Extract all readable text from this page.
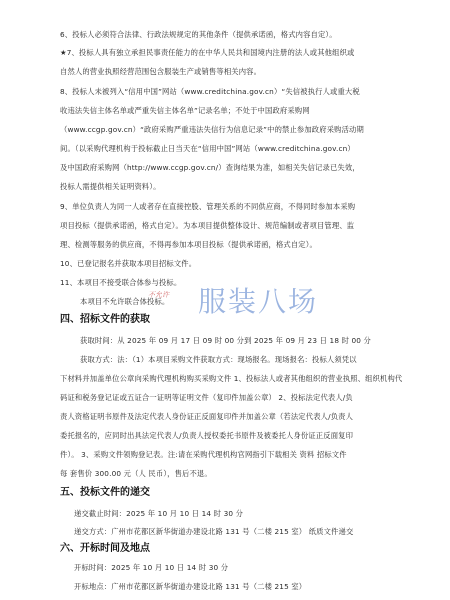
6、投标人必须符合法律、行政法规规定的其他条件（提供承诺函，格式内容自定）。
★7、投标人具有独立承担民事责任能力的在中华人民共和国境内注册的法人或其他组织或
自然人的营业执照经营范围包含服装生产或销售等相关内容。
8、投标人未被列入“信用中国”网站（www.creditchina.gov.cn）“失信被执行人或重大税
收违法失信主体名单或严重失信主体名单”记录名单；不处于中国政府采购网
（www.ccgp.gov.cn）“政府采购严重违法失信行为信息记录”中的禁止参加政府采购活动期
间。（以采购代理机构于投标截止日当天在“信用中国”网站（www.creditchina.gov.cn）
及中国政府采购网（http://www.ccgp.gov.cn/）查询结果为准，如相关失信记录已失效，
投标人需提供相关证明资料）。
9、单位负责人为同一人或者存在直接控股、管理关系的不同供应商，不得同时参加本采购
项目投标（提供承诺函，格式自定）。为本项目提供整体设计、规范编制或者项目管理、监
理、检测等服务的供应商，不得再参加本项目投标（提供承诺函，格式自定）。
10、已登记报名并获取本项目招标文件。
11、本项目不接受联合体参与投标。
本项目不允许联合体投标。
不允许 服装八场
四、招标文件的获取
获取时间：从 2025 年 09 月 17 日 09 时 00 分到 2025 年 09 月 23 日 18 时 00 分
获取方式：法：（1）本项目采购文件获取方式：现场报名。现场报名：投标人须凭以
下材料并加盖单位公章向采购代理机构购买采购文件 1、投标法人或者其他组织的营业执照、组织机构代
码证和税务登记证或五证合一证明等证明文件（复印件加盖公章） 2、投标法定代表人/负
责人资格证明书原件及法定代表人身份证正反面复印件并加盖公章（若法定代表人/负责人
委托报名的，应同时出具法定代表人/负责人授权委托书原件及被委托人身份证正反面复印
件）。 3、采购文件领购登记表。注:请在采购代理机构官网指引下载相关 资料 招标文件
每 套售价 300.00 元（人 民币），售后不退。
五、投标文件的递交
递交截止时间：2025 年 10 月 10 日 14 时 30 分
递交方式：广州市花都区新华街道办建设北路 131 号（二楼 215 室） 纸质文件递交
六、开标时间及地点
开标时间：2025 年 10 月 10 日 14 时 30 分
开标地点：广州市花都区新华街道办建设北路 131 号（二楼 215 室）
